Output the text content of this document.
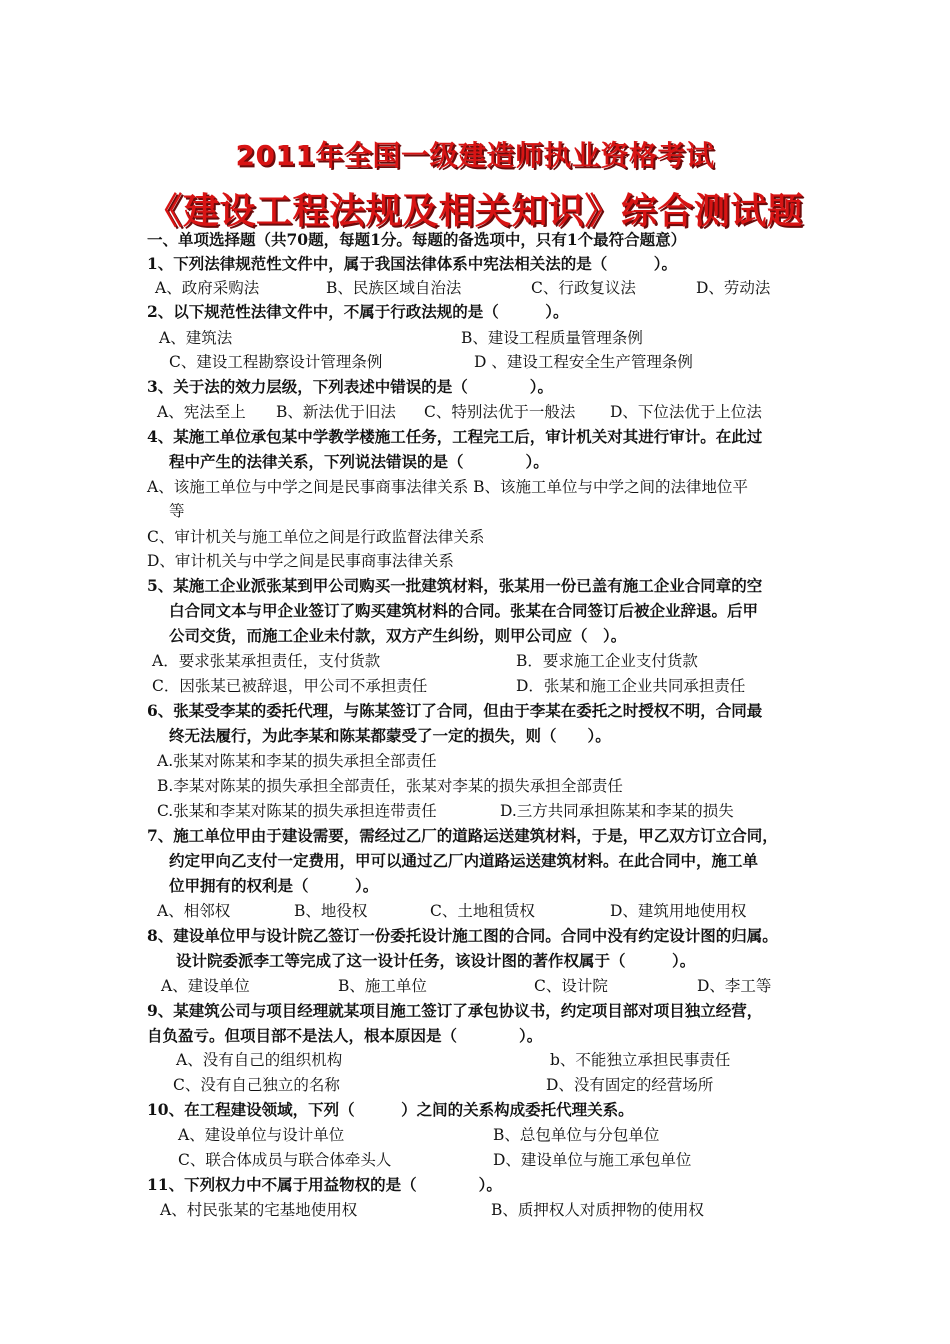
2011年全国一级建造师执业资格考试
《建设工程法规及相关知识》综合测试题
一、单项选择题（共70题，每题1分。每题的备选项中，只有1个最符合题意）
1、下列法律规范性文件中，属于我国法律体系中宪法相关法的是（　　　）。
A、政府采购法	B、民族区域自治法	C、行政复议法	D、劳动法
2、以下规范性法律文件中，不属于行政法规的是（　　　）。
A、建筑法	B、建设工程质量管理条例
C、建设工程勘察设计管理条例	D 、建设工程安全生产管理条例
3、关于法的效力层级，下列表述中错误的是（　　　　）。
A、宪法至上 B、新法优于旧法 C、特别法优于一般法 D、下位法优于上位法
4、某施工单位承包某中学教学楼施工任务，工程完工后，审计机关对其进行审计。在此过
程中产生的法律关系，下列说法错误的是（　　　　）。
A、该施工单位与中学之间是民事商事法律关系 B、该施工单位与中学之间的法律地位平
等
C、审计机关与施工单位之间是行政监督法律关系
D、审计机关与中学之间是民事商事法律关系
5、某施工企业派张某到甲公司购买一批建筑材料，张某用一份已盖有施工企业合同章的空
白合同文本与甲企业签订了购买建筑材料的合同。张某在合同签订后被企业辞退。后甲
公司交货，而施工企业未付款，双方产生纠纷，则甲公司应（　）。
A．要求张某承担责任，支付货款	B．要求施工企业支付货款
C．因张某已被辞退，甲公司不承担责任	D．张某和施工企业共同承担责任
6、张某受李某的委托代理，与陈某签订了合同，但由于李某在委托之时授权不明，合同最
终无法履行，为此李某和陈某都蒙受了一定的损失，则（　　）。
A.张某对陈某和李某的损失承担全部责任
B.李某对陈某的损失承担全部责任，张某对李某的损失承担全部责任
C.张某和李某对陈某的损失承担连带责任	D.三方共同承担陈某和李某的损失
7、施工单位甲由于建设需要，需经过乙厂的道路运送建筑材料，于是，甲乙双方订立合同，
约定甲向乙支付一定费用，甲可以通过乙厂内道路运送建筑材料。在此合同中，施工单
位甲拥有的权利是（　　　）。
A、相邻权	B、地役权	C、土地租赁权	D、建筑用地使用权
8、建设单位甲与设计院乙签订一份委托设计施工图的合同。合同中没有约定设计图的归属。
设计院委派李工等完成了这一设计任务，该设计图的著作权属于（　　　）。
A、建设单位	B、施工单位	C、设计院	D、李工等
9、某建筑公司与项目经理就某项目施工签订了承包协议书，约定项目部对项目独立经营，
自负盈亏。但项目部不是法人，根本原因是（　　　　）。
A、没有自己的组织机构	b、不能独立承担民事责任
C、没有自己独立的名称	D、没有固定的经营场所
10、在工程建设领域，下列（　　　）之间的关系构成委托代理关系。
A、建设单位与设计单位	B、总包单位与分包单位
C、联合体成员与联合体牵头人	D、建设单位与施工承包单位
11、下列权力中不属于用益物权的是（　　　　）。
A、村民张某的宅基地使用权	B、质押权人对质押物的使用权
